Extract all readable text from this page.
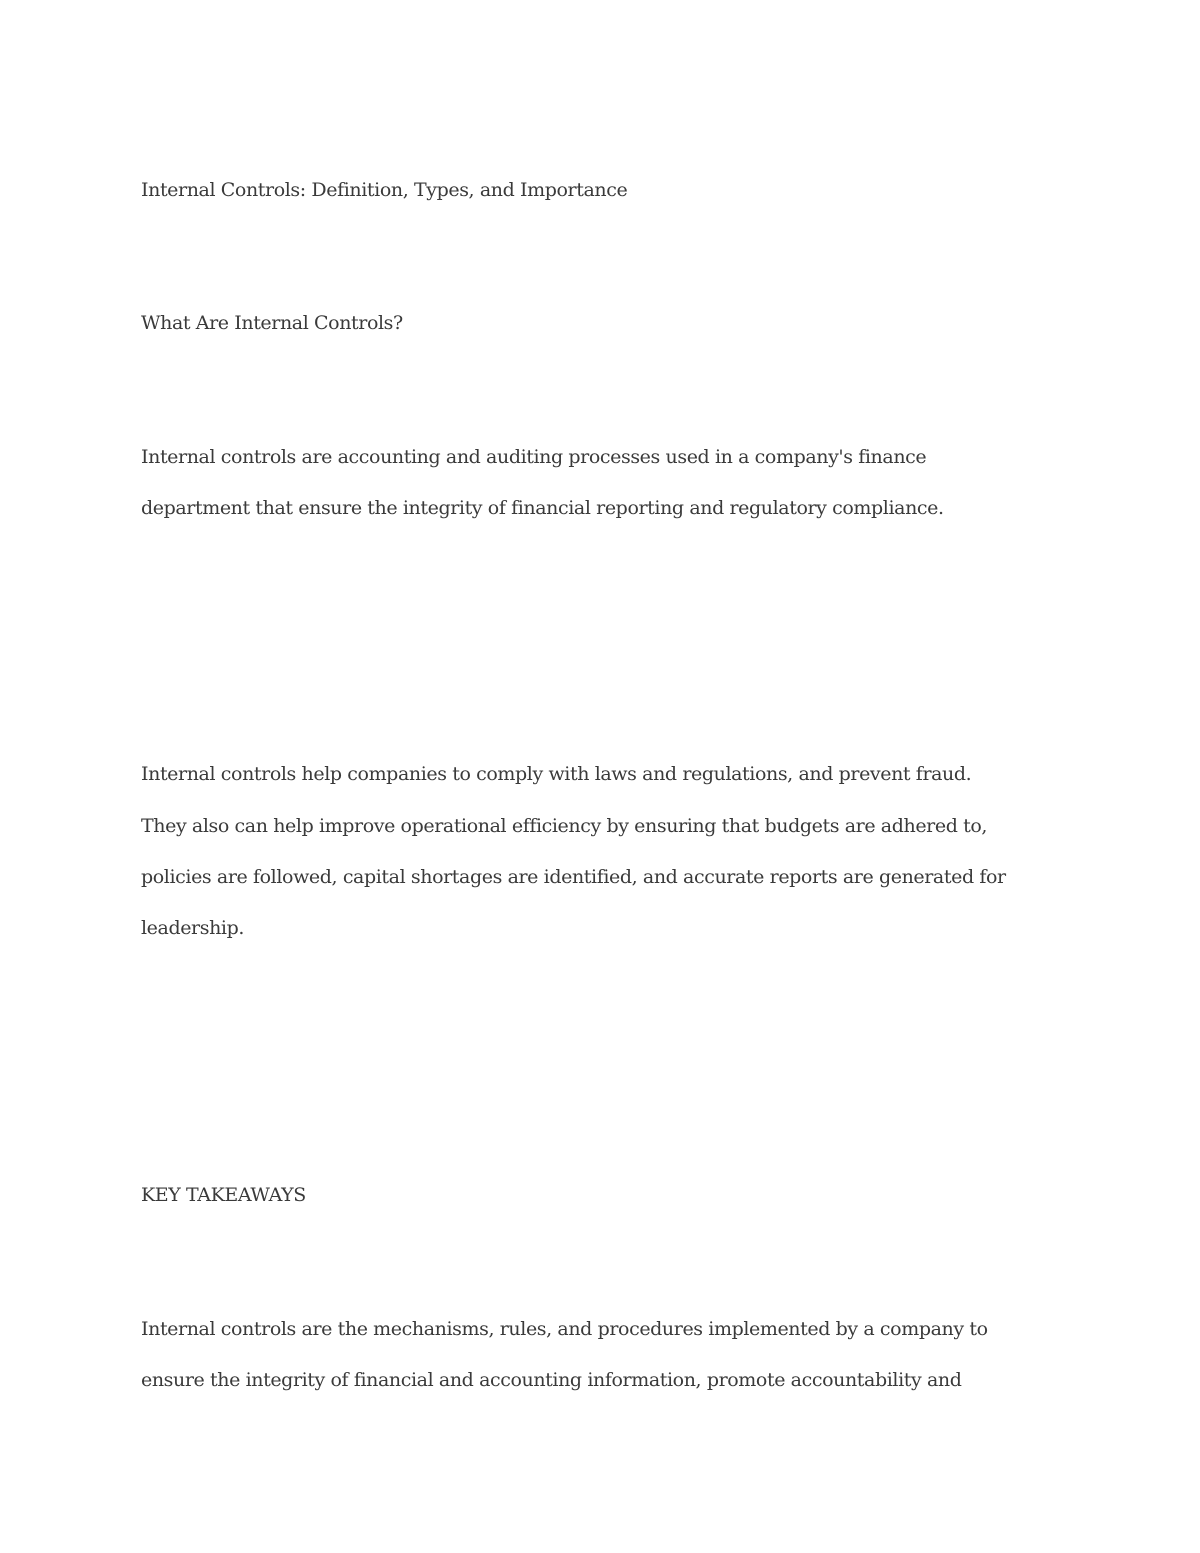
Internal Controls: Definition, Types, and Importance
What Are Internal Controls?
Internal controls are accounting and auditing processes used in a company's finance
department that ensure the integrity of financial reporting and regulatory compliance.
Internal controls help companies to comply with laws and regulations, and prevent fraud.
They also can help improve operational efficiency by ensuring that budgets are adhered to,
policies are followed, capital shortages are identified, and accurate reports are generated for
leadership.
KEY TAKEAWAYS
Internal controls are the mechanisms, rules, and procedures implemented by a company to
ensure the integrity of financial and accounting information, promote accountability and
